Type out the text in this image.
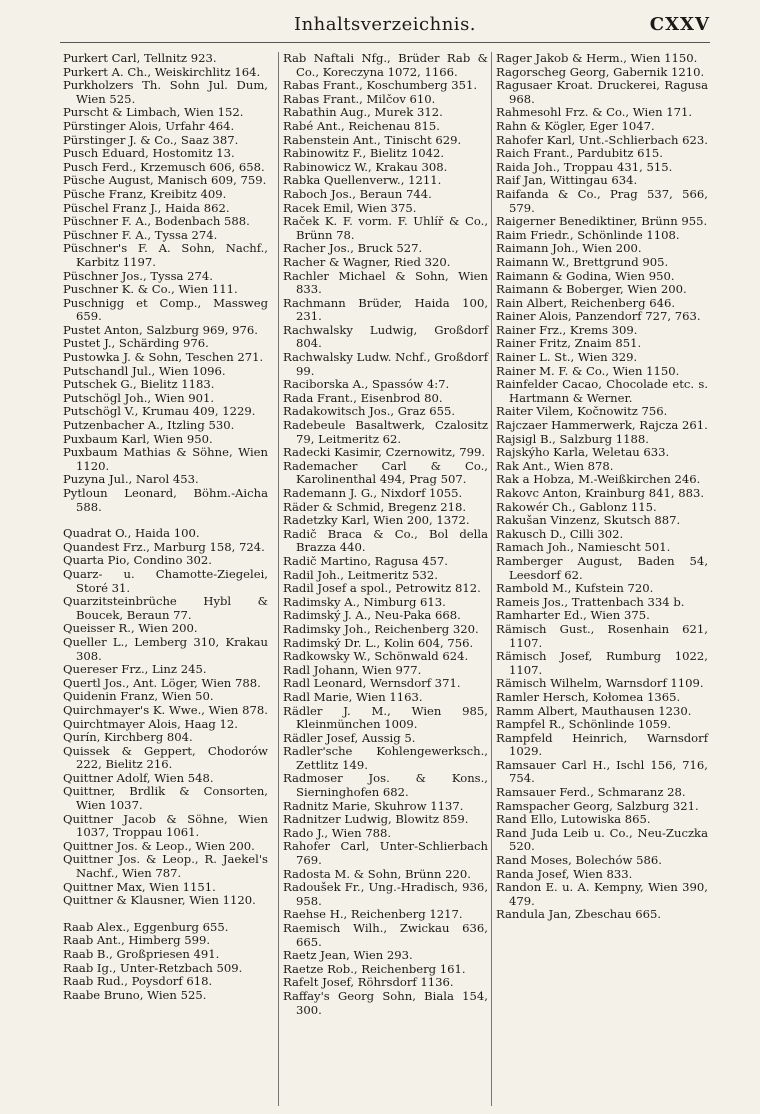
Inhaltsverzeichnis.	CXXV
Purkert Carl, Tellnitz 923.
Purkert A. Ch., Weiskirchlitz 164.
Purkholzers Th. Sohn Jul. Dum, Wien 525.
Purscht & Limbach, Wien 152.
Pürstinger Alois, Urfahr 464.
Pürstinger J. & Co., Saaz 387.
Pusch Eduard, Hostomitz 13.
Pusch Ferd., Krzemusch 606, 658.
Püsche August, Manisch 609, 759.
Püsche Franz, Kreibitz 409.
Püschel Franz J., Haida 862.
Püschner F. A., Bodenbach 588.
Püschner F. A., Tyssa 274.
Püschner's F. A. Sohn, Nachf., Karbitz 1197.
Püschner Jos., Tyssa 274.
Puschner K. & Co., Wien 111.
Puschnigg et Comp., Massweg 659.
Pustet Anton, Salzburg 969, 976.
Pustet J., Schärding 976.
Pustowka J. & Sohn, Teschen 271.
Putschandl Jul., Wien 1096.
Putschek G., Bielitz 1183.
Putschögl Joh., Wien 901.
Putschögl V., Krumau 409, 1229.
Putzenbacher A., Itzling 530.
Puxbaum Karl, Wien 950.
Puxbaum Mathias & Söhne, Wien 1120.
Puzyna Jul., Narol 453.
Pytloun Leonard, Böhm.-Aicha 588.
Quadrat O., Haida 100.
Quandest Frz., Marburg 158, 724.
Quarta Pio, Condino 302.
Quarz- u. Chamotte-Ziegelei, Storé 31.
Quarzitsteinbrüche Hybl & Boucek, Beraun 77.
Queisser R., Wien 200.
Queller L., Lemberg 310, Krakau 308.
Quereser Frz., Linz 245.
Quertl Jos., Ant. Löger, Wien 788.
Quidenin Franz, Wien 50.
Quirchmayer's K. Wwe., Wien 878.
Quirchtmayer Alois, Haag 12.
Qurín, Kirchberg 804.
Quissek & Geppert, Chodorów 222, Bielitz 216.
Quittner Adolf, Wien 548.
Quittner, Brdlik & Consorten, Wien 1037.
Quittner Jacob & Söhne, Wien 1037, Troppau 1061.
Quittner Jos. & Leop., Wien 200.
Quittner Jos. & Leop., R. Jaekel's Nachf., Wien 787.
Quittner Max, Wien 1151.
Quittner & Klausner, Wien 1120.
Raab Alex., Eggenburg 655.
Raab Ant., Himberg 599.
Raab B., Großpriesen 491.
Raab Ig., Unter-Retzbach 509.
Raab Rud., Poysdorf 618.
Raabe Bruno, Wien 525.
Rab Naftali Nfg., Brüder Rab & Co., Koreczyna 1072, 1166.
Rabas Frant., Koschumberg 351.
Rabas Frant., Milčov 610.
Rabathin Aug., Murek 312.
Rabé Ant., Reichenau 815.
Rabenstein Ant., Tinischt 629.
Rabinowitz F., Bielitz 1042.
Rabinowicz W., Krakau 308.
Rabka Quellenverw., 1211.
Raboch Jos., Beraun 744.
Racek Emil, Wien 375.
Raček K. F. vorm. F. Uhlíř & Co., Brünn 78.
Racher Jos., Bruck 527.
Racher & Wagner, Ried 320.
Rachler Michael & Sohn, Wien 833.
Rachmann Brüder, Haida 100, 231.
Rachwalsky Ludwig, Großdorf 804.
Rachwalsky Ludw. Nchf., Großdorf 99.
Raciborska A., Spassów 4:7.
Rada Frant., Eisenbrod 80.
Radakowitsch Jos., Graz 655.
Radebeule Basaltwerk, Czalositz 79, Leitmeritz 62.
Radecki Kasimir, Czernowitz, 799.
Rademacher Carl & Co., Karolinenthal 494, Prag 507.
Rademann J. G., Nixdorf 1055.
Räder & Schmid, Bregenz 218.
Radetzky Karl, Wien 200, 1372.
Radič Braca & Co., Bol della Brazza 440.
Radič Martino, Ragusa 457.
Radil Joh., Leitmeritz 532.
Radil Josef a spol., Petrowitz 812.
Radimsky A., Nimburg 613.
Radimský J. A., Neu-Paka 668.
Radimsky Joh., Reichenberg 320.
Radimský Dr. L., Kolin 604, 756.
Radkowsky W., Schönwald 624.
Radl Johann, Wien 977.
Radl Leonard, Wernsdorf 371.
Radl Marie, Wien 1163.
Rädler J. M., Wien 985, Kleinmünchen 1009.
Rädler Josef, Aussig 5.
Radler'sche Kohlengewerksch., Zettlitz 149.
Radmoser Jos. & Kons., Sierninghofen 682.
Radnitz Marie, Skuhrow 1137.
Radnitzer Ludwig, Blowitz 859.
Rado J., Wien 788.
Rahofer Carl, Unter-Schlierbach 769.
Radosta M. & Sohn, Brünn 220.
Radoušek Fr., Ung.-Hradisch, 936, 958.
Raehse H., Reichenberg 1217.
Raemisch Wilh., Zwickau 636, 665.
Raetz Jean, Wien 293.
Raetze Rob., Reichenberg 161.
Rafelt Josef, Röhrsdorf 1136.
Raffay's Georg Sohn, Biala 154, 300.
Rager Jakob & Herm., Wien 1150.
Ragorscheg Georg, Gabernik 1210.
Ragusaer Kroat. Druckerei, Ragusa 968.
Rahmesohl Frz. & Co., Wien 171.
Rahn & Kögler, Eger 1047.
Rahofer Karl, Unt.-Schlierbach 623.
Raich Frant., Pardubitz 615.
Raida Joh., Troppau 431, 515.
Raif Jan, Wittingau 634.
Raifanda & Co., Prag 537, 566, 579.
Raigerner Benediktiner, Brünn 955.
Raim Friedr., Schönlinde 1108.
Raimann Joh., Wien 200.
Raimann W., Brettgrund 905.
Raimann & Godina, Wien 950.
Raimann & Boberger, Wien 200.
Rain Albert, Reichenberg 646.
Rainer Alois, Panzendorf 727, 763.
Rainer Frz., Krems 309.
Rainer Fritz, Znaim 851.
Rainer L. St., Wien 329.
Rainer M. F. & Co., Wien 1150.
Rainfelder Cacao, Chocolade etc. s. Hartmann & Werner.
Raiter Vilem, Kočnowitz 756.
Rajczaer Hammerwerk, Rajcza 261.
Rajsigl B., Salzburg 1188.
Rajskýho Karla, Weletau 633.
Rak Ant., Wien 878.
Rak a Hobza, M.-Weißkirchen 246.
Rakovc Anton, Krainburg 841, 883.
Rakowér Ch., Gablonz 115.
Rakušan Vinzenz, Skutsch 887.
Rakusch D., Cilli 302.
Ramach Joh., Namiescht 501.
Ramberger August, Baden 54, Leesdorf 62.
Rambold M., Kufstein 720.
Rameis Jos., Trattenbach 334 b.
Ramharter Ed., Wien 375.
Rämisch Gust., Rosenhain 621, 1107.
Rämisch Josef, Rumburg 1022, 1107.
Rämisch Wilhelm, Warnsdorf 1109.
Ramler Hersch, Kołomea 1365.
Ramm Albert, Mauthausen 1230.
Rampfel R., Schönlinde 1059.
Rampfeld Heinrich, Warnsdorf 1029.
Ramsauer Carl H., Ischl 156, 716, 754.
Ramsauer Ferd., Schmaranz 28.
Ramspacher Georg, Salzburg 321.
Rand Ello, Lutowiska 865.
Rand Juda Leib u. Co., Neu-Zuczka 520.
Rand Moses, Bolechów 586.
Randa Josef, Wien 833.
Randon E. u. A. Kempny, Wien 390, 479.
Randula Jan, Zbeschau 665.
